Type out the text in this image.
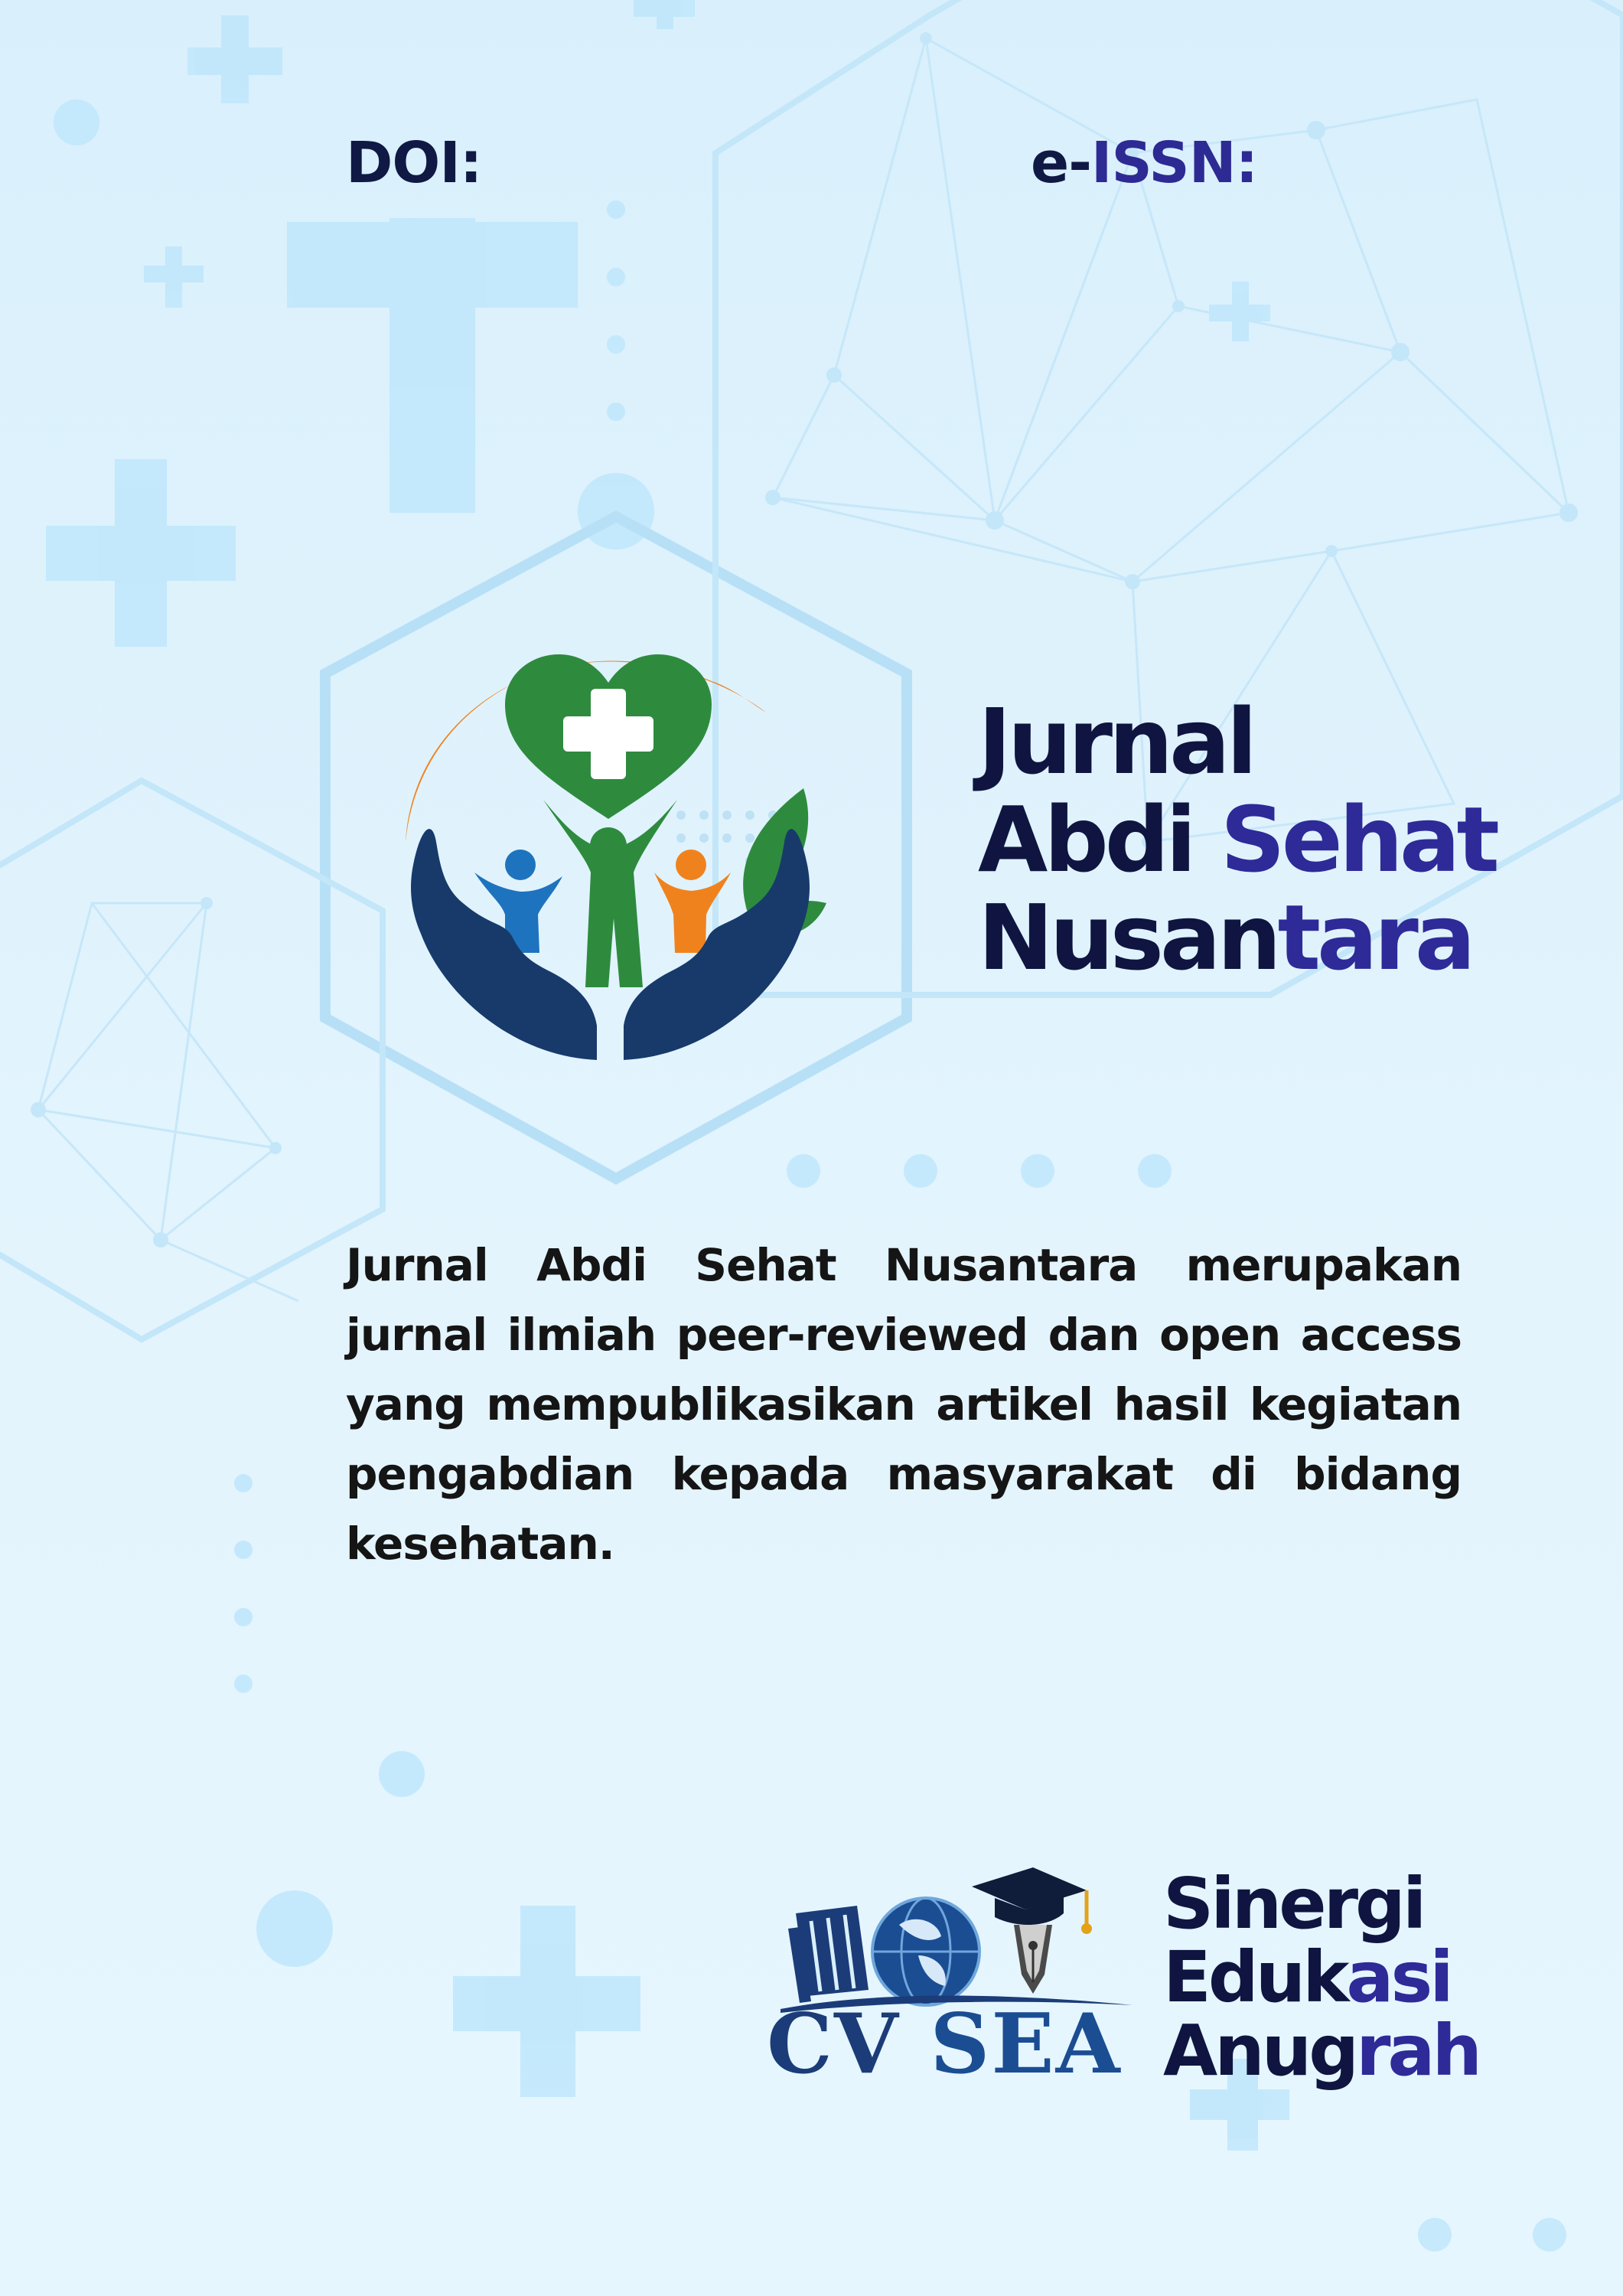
DOI:	e-ISSN:
Jurnal
Abdi Sehat
Nusantara
Jurnal Abdi Sehat Nusantara merupakan jurnal ilmiah peer-reviewed dan open access yang mempublikasikan artikel hasil kegiatan pengabdian kepada masyarakat di bidang kesehatan.
CV SEA
Sinergi
Edukasi
Anugrah
